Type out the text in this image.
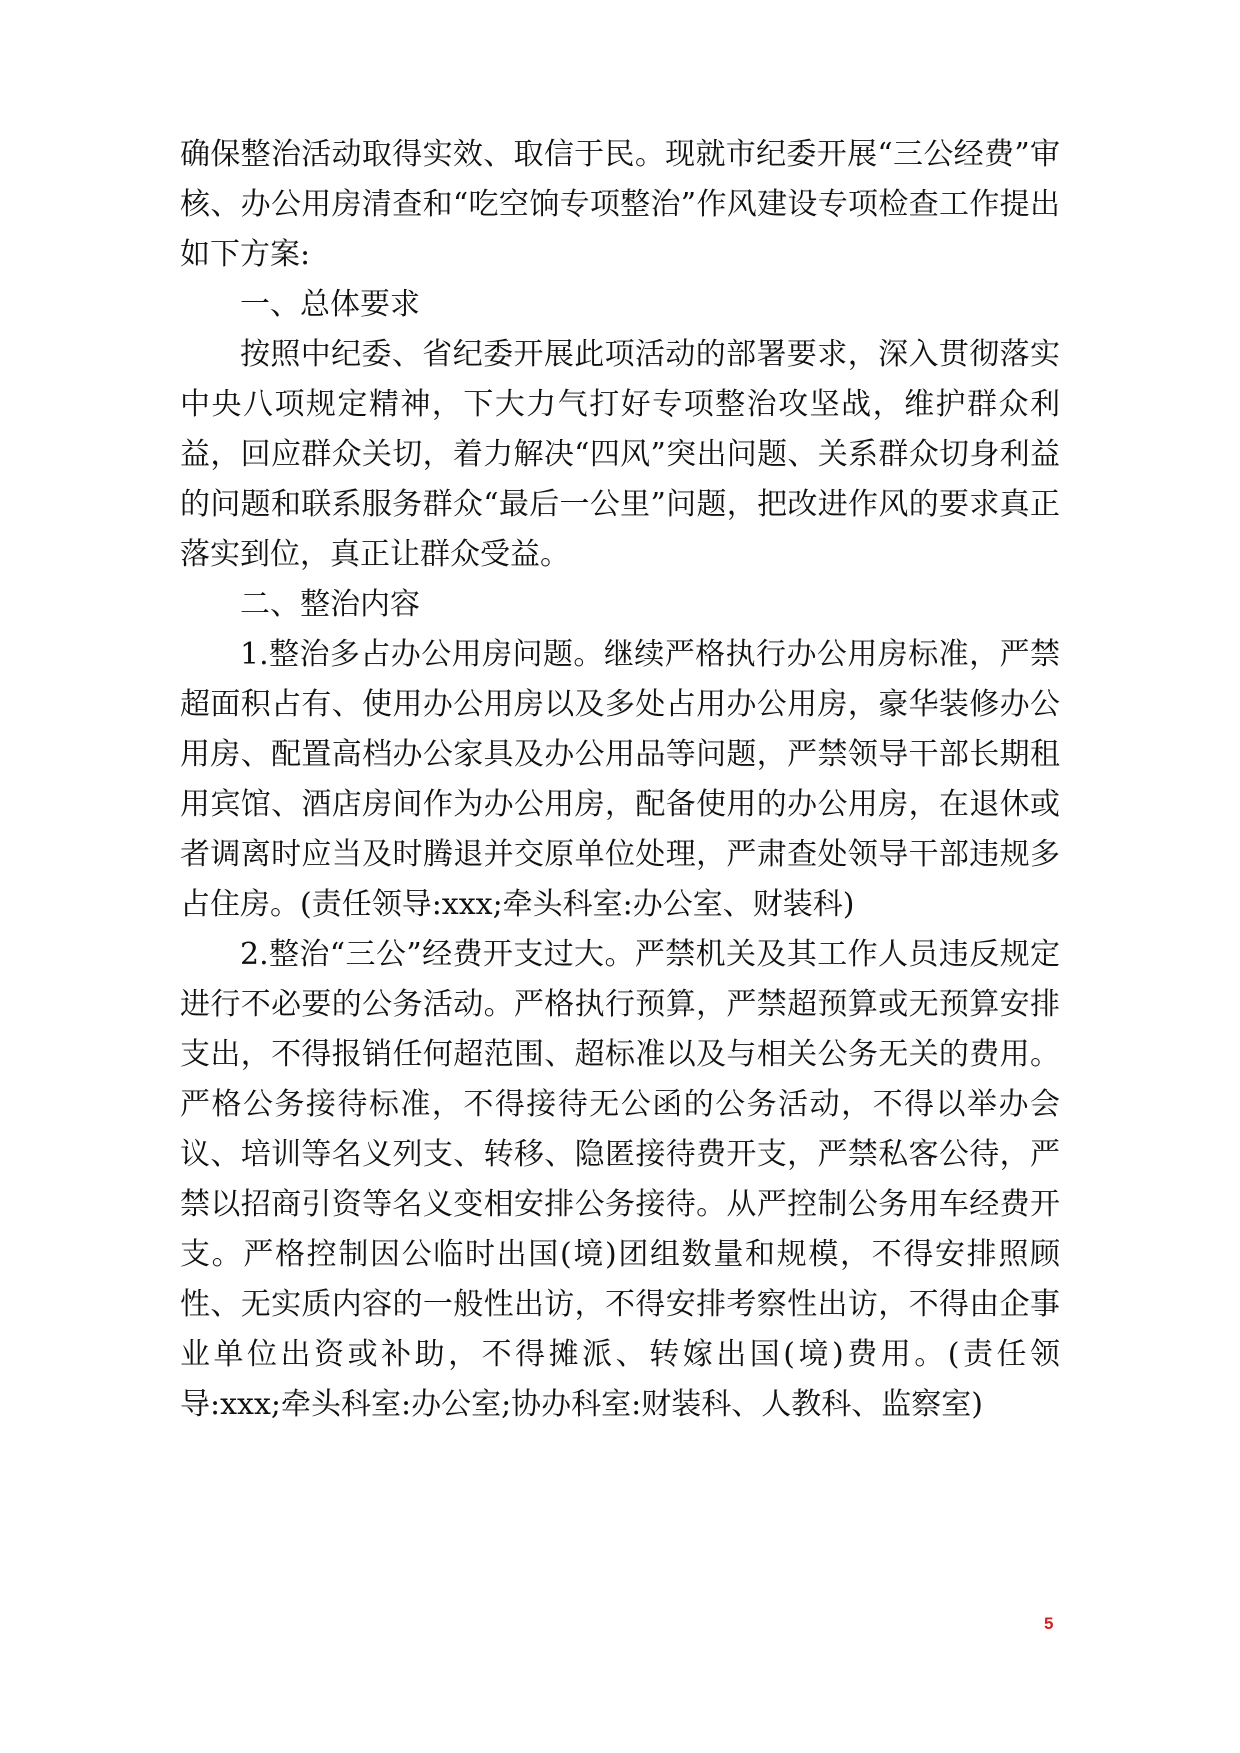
确保整治活动取得实效、取信于民。现就市纪委开展“三公经费”审核、办公用房清查和“吃空饷专项整治”作风建设专项检查工作提出如下方案:

一、总体要求

按照中纪委、省纪委开展此项活动的部署要求，深入贯彻落实中央八项规定精神，下大力气打好专项整治攻坚战，维护群众利益，回应群众关切，着力解决“四风”突出问题、关系群众切身利益的问题和联系服务群众“最后一公里”问题，把改进作风的要求真正落实到位，真正让群众受益。

二、整治内容

1.整治多占办公用房问题。继续严格执行办公用房标准，严禁超面积占有、使用办公用房以及多处占用办公用房，豪华装修办公用房、配置高档办公家具及办公用品等问题，严禁领导干部长期租用宾馆、酒店房间作为办公用房，配备使用的办公用房，在退休或者调离时应当及时腾退并交原单位处理，严肃查处领导干部违规多占住房。(责任领导:xxx;牵头科室:办公室、财装科)

2.整治“三公”经费开支过大。严禁机关及其工作人员违反规定进行不必要的公务活动。严格执行预算，严禁超预算或无预算安排支出，不得报销任何超范围、超标准以及与相关公务无关的费用。严格公务接待标准，不得接待无公函的公务活动，不得以举办会议、培训等名义列支、转移、隐匿接待费开支，严禁私客公待，严禁以招商引资等名义变相安排公务接待。从严控制公务用车经费开支。严格控制因公临时出国(境)团组数量和规模，不得安排照顾性、无实质内容的一般性出访，不得安排考察性出访，不得由企事业单位出资或补助，不得摊派、转嫁出国(境)费用。(责任领导:xxx;牵头科室:办公室;协办科室:财装科、人教科、监察室)

5
